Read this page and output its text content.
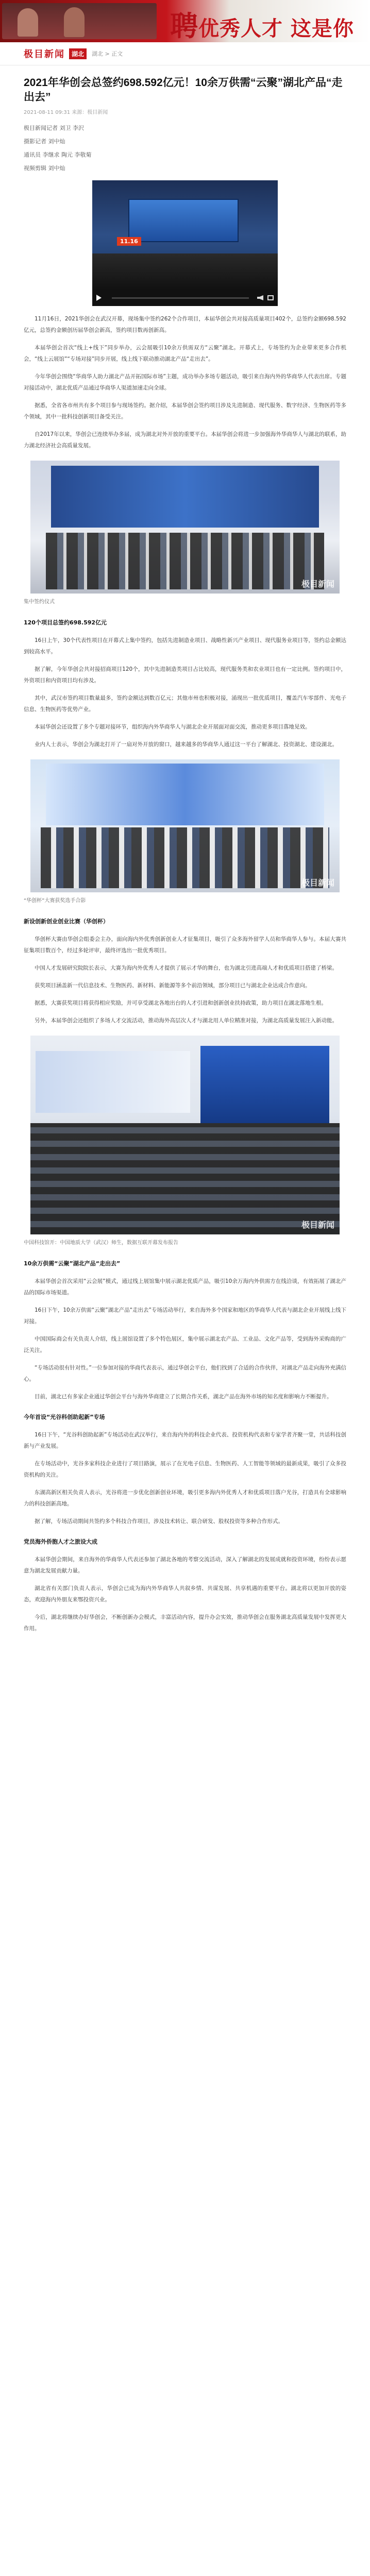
聘优秀人才 这是你
极目新闻	湖北	湖北 > 正文
2021年华创会总签约698.592亿元！10余万供需“云聚”湖北产品“走出去”
2021-08-11 09:31 来源：极目新闻

极目新闻记者 刘卫 李沢

摄影记者 刘中灿

通讯员 李继求 陶元 李敬菊

视频剪辑 刘中灿

11.16

11月16日，2021华创会在武汉开幕，现场集中签约262个合作项目，本届华创会共对接高质量项目402个，总签约金额698.592亿元，总签约金额创历届华创会新高，签约项目数再创新高。

本届华创会首次“线上+线下”同步举办，云会展吸引10余万供需双方“云聚”湖北。开幕式上，专场签约为企业带来更多合作机会，“线上云展馆”“专场对接”同步开展，线上线下联动推动湖北产品“走出去”。

今年华创会围绕“华商华人助力湖北产品开拓国际市场”主题，成功举办多场专题活动，吸引来自海内外的华商华人代表出席。专题对接活动中，湖北优质产品通过华商华人渠道加速走向全球。

据悉，全省各市州共有多个项目参与现场签约。据介绍，本届华创会签约项目涉及先进制造、现代服务、数字经济、生物医药等多个领域，其中一批科技创新项目备受关注。

自2017年以来，华创会已连续举办多届，成为湖北对外开放的重要平台。本届华创会将进一步加强海外华商华人与湖北的联系，助力湖北经济社会高质量发展。

极目新闻

集中签约仪式

120个项目总签约698.592亿元

16日上午，30个代表性项目在开幕式上集中签约，包括先进制造业项目、战略性新兴产业项目、现代服务业项目等，签约总金额达到较高水平。

据了解，今年华创会共对接招商项目120个，其中先进制造类项目占比较高，现代服务类和农业项目也有一定比例。签约项目中，外资项目和内资项目均有涉及。

其中，武汉市签约项目数量最多，签约金额达到数百亿元；其他市州也积极对接，涌现出一批优质项目，覆盖汽车零部件、光电子信息、生物医药等优势产业。

本届华创会还设置了多个专题对接环节，组织海内外华商华人与湖北企业开展面对面交流，推动更多项目落地见效。

业内人士表示，华创会为湖北打开了一扇对外开放的窗口，越来越多的华商华人通过这一平台了解湖北、投资湖北、建设湖北。

极目新闻

“华创杯”大赛获奖选手合影

新设创新创业创业比赛（华创杯）

华创杯大赛由华创会组委会主办，面向海内外优秀创新创业人才征集项目，吸引了众多海外留学人员和华商华人参与。本届大赛共征集项目数百个，经过多轮评审，最终评选出一批优秀项目。

中国人才发展研究院院长表示，大赛为海内外优秀人才提供了展示才华的舞台，也为湖北引进高端人才和优质项目搭建了桥梁。

获奖项目涵盖新一代信息技术、生物医药、新材料、新能源等多个前沿领域，部分项目已与湖北企业达成合作意向。

据悉，大赛获奖项目将获得相应奖励，并可享受湖北各地出台的人才引进和创新创业扶持政策，助力项目在湖北落地生根。

另外，本届华创会还组织了多场人才交流活动，推动海外高层次人才与湖北用人单位精准对接，为湖北高质量发展注入新动能。

极目新闻

中国科技馆开：中国地质大学（武汉）师生，数据互联开幕发布报告

10余万供需“云聚”湖北产品“走出去”

本届华创会首次采用“云会展”模式，通过线上展馆集中展示湖北优质产品，吸引10余万海内外供需方在线洽谈，有效拓展了湖北产品的国际市场渠道。

16日下午，10余万供需“云聚”湖北产品“走出去”专场活动举行，来自海外多个国家和地区的华商华人代表与湖北企业开展线上线下对接。

中国国际商会有关负责人介绍，线上展馆设置了多个特色展区，集中展示湖北农产品、工业品、文化产品等，受到海外采购商的广泛关注。

“专场活动很有针对性。”一位参加对接的华商代表表示，通过华创会平台，他们找到了合适的合作伙伴，对湖北产品走向海外充满信心。

目前，湖北已有多家企业通过华创会平台与海外华商建立了长期合作关系，湖北产品在海外市场的知名度和影响力不断提升。

今年首设“光谷科创助起新”专场

16日下午，“光谷科创助起新”专场活动在武汉举行，来自海内外的科技企业代表、投资机构代表和专家学者齐聚一堂，共话科技创新与产业发展。

在专场活动中，光谷多家科技企业进行了项目路演，展示了在光电子信息、生物医药、人工智能等领域的最新成果，吸引了众多投资机构的关注。

东湖高新区相关负责人表示，光谷将进一步优化创新创业环境，吸引更多海内外优秀人才和优质项目落户光谷，打造具有全球影响力的科技创新高地。

据了解，专场活动期间共签约多个科技合作项目，涉及技术转让、联合研发、股权投资等多种合作形式。

党员海外侨胞人才之旅设大成

本届华创会期间，来自海外的华商华人代表还参加了湖北各地的考察交流活动，深入了解湖北的发展成就和投资环境，纷纷表示愿意为湖北发展贡献力量。

湖北省有关部门负责人表示，华创会已成为海内外华商华人共叙乡情、共谋发展、共享机遇的重要平台。湖北将以更加开放的姿态，欢迎海内外朋友来鄂投资兴业。

今后，湖北将继续办好华创会，不断创新办会模式，丰富活动内容，提升办会实效，推动华创会在服务湖北高质量发展中发挥更大作用。
